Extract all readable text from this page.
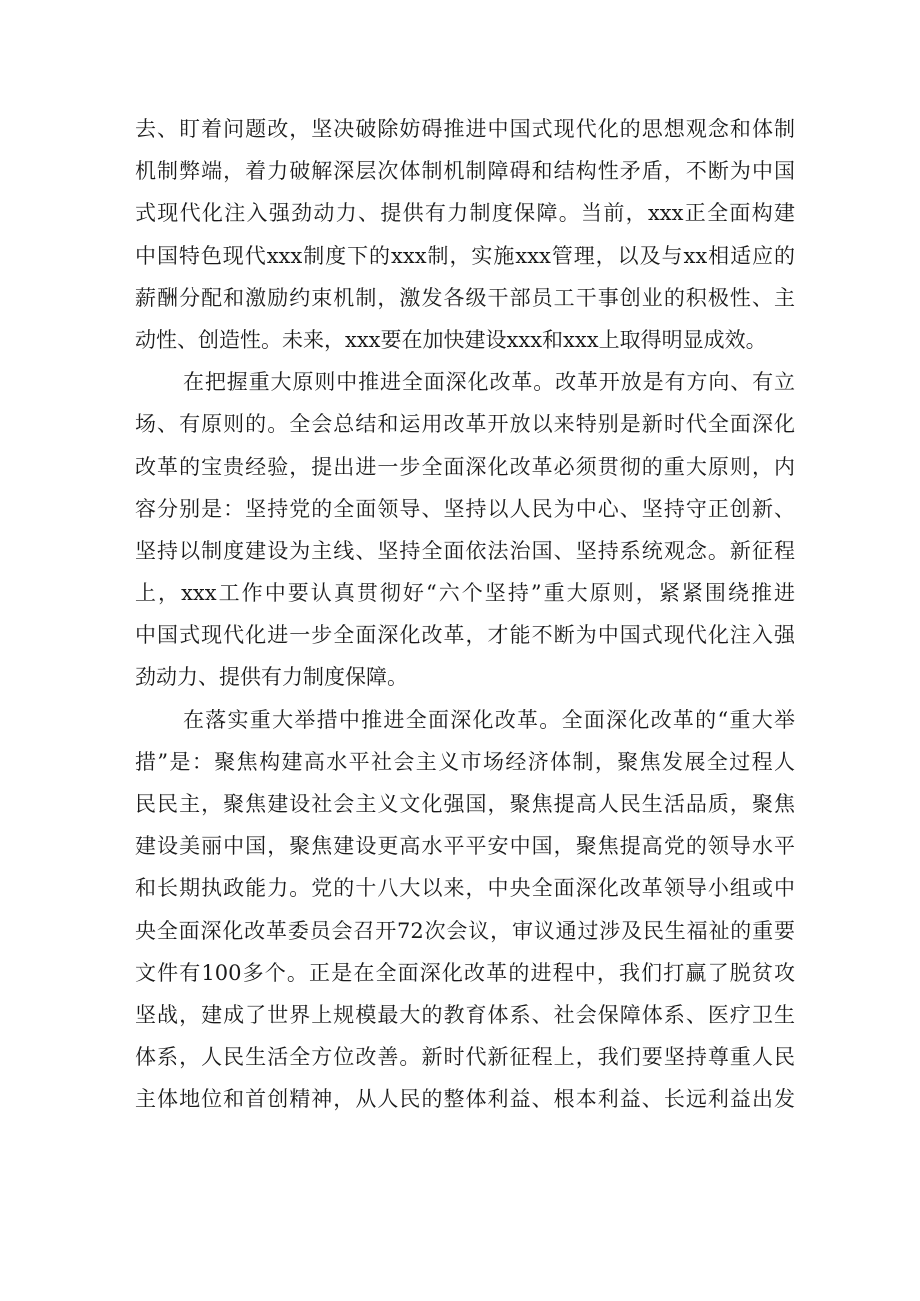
去、盯着问题改，坚决破除妨碍推进中国式现代化的思想观念和体制
机制弊端，着力破解深层次体制机制障碍和结构性矛盾，不断为中国
式现代化注入强劲动力、提供有力制度保障。当前，xxx正全面构建
中国特色现代xxx制度下的xxx制，实施xxx管理，以及与xx相适应的
薪酬分配和激励约束机制，激发各级干部员工干事创业的积极性、主
动性、创造性。未来，xxx要在加快建设xxx和xxx上取得明显成效。
在把握重大原则中推进全面深化改革。改革开放是有方向、有立
场、有原则的。全会总结和运用改革开放以来特别是新时代全面深化
改革的宝贵经验，提出进一步全面深化改革必须贯彻的重大原则，内
容分别是：坚持党的全面领导、坚持以人民为中心、坚持守正创新、
坚持以制度建设为主线、坚持全面依法治国、坚持系统观念。新征程
上，xxx工作中要认真贯彻好“六个坚持”重大原则，紧紧围绕推进
中国式现代化进一步全面深化改革，才能不断为中国式现代化注入强
劲动力、提供有力制度保障。
在落实重大举措中推进全面深化改革。全面深化改革的“重大举
措”是：聚焦构建高水平社会主义市场经济体制，聚焦发展全过程人
民民主，聚焦建设社会主义文化强国，聚焦提高人民生活品质，聚焦
建设美丽中国，聚焦建设更高水平平安中国，聚焦提高党的领导水平
和长期执政能力。党的十八大以来，中央全面深化改革领导小组或中
央全面深化改革委员会召开72次会议，审议通过涉及民生福祉的重要
文件有100多个。正是在全面深化改革的进程中，我们打赢了脱贫攻
坚战，建成了世界上规模最大的教育体系、社会保障体系、医疗卫生
体系，人民生活全方位改善。新时代新征程上，我们要坚持尊重人民
主体地位和首创精神，从人民的整体利益、根本利益、长远利益出发
